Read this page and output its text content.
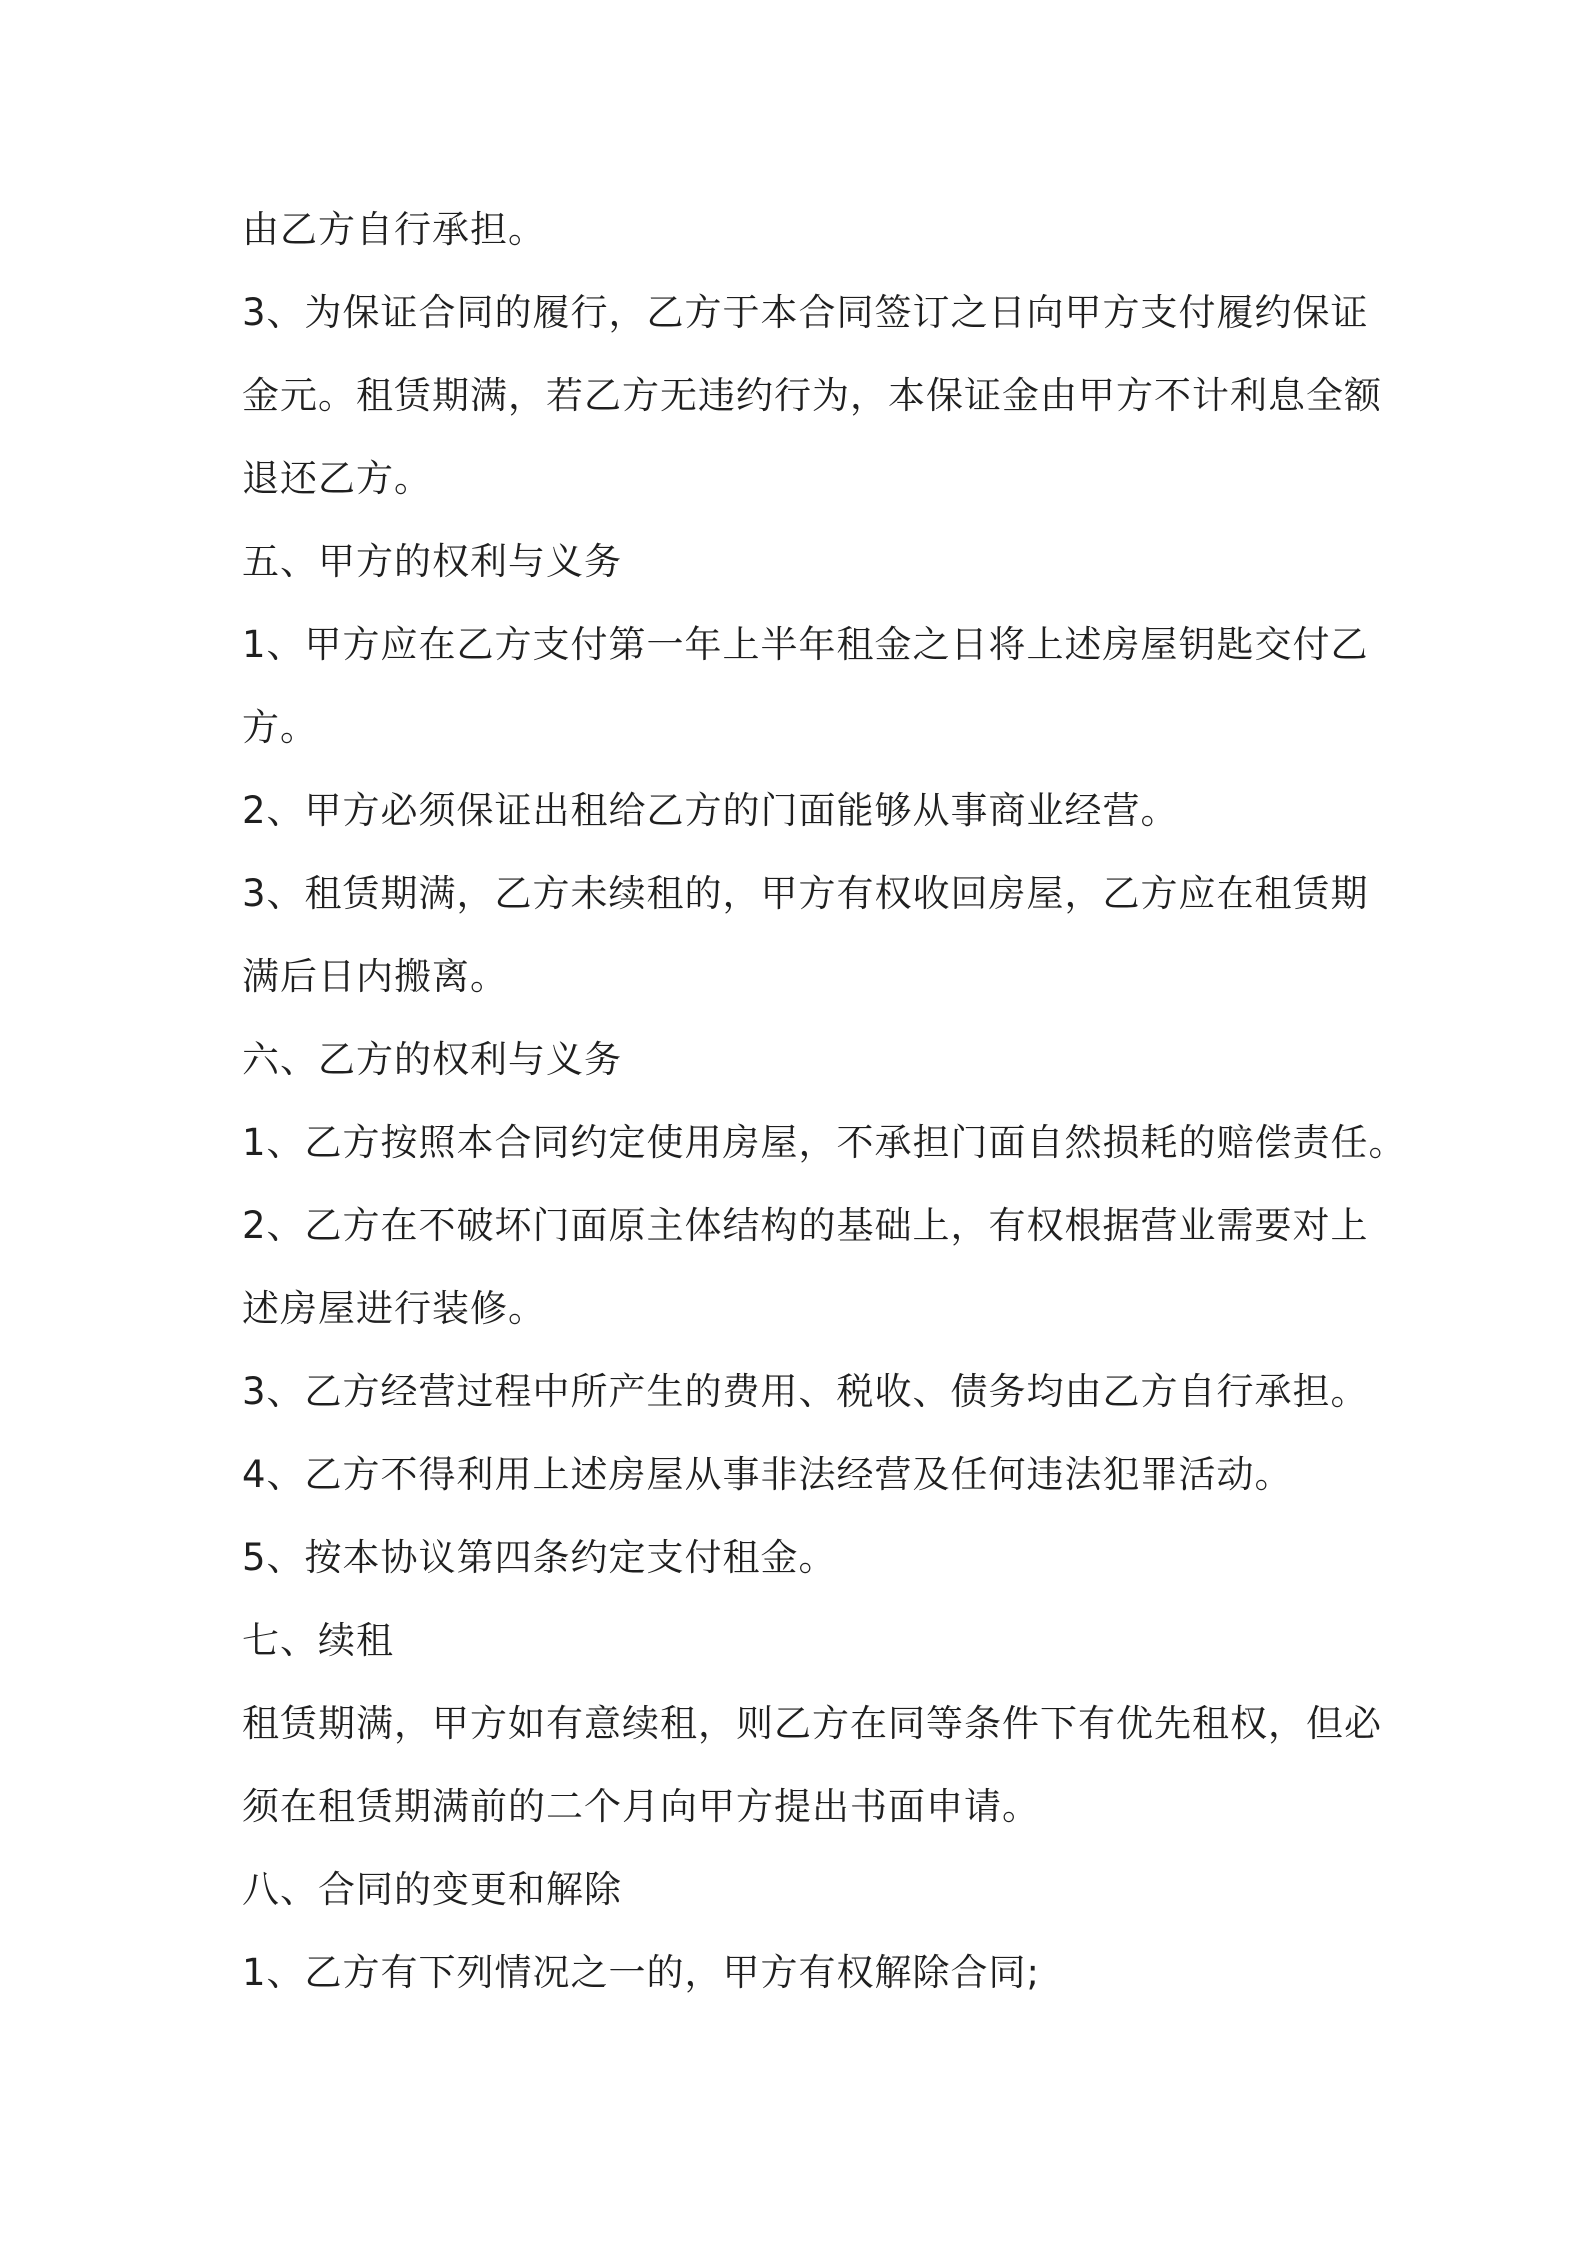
由乙方自行承担。

3、为保证合同的履行，乙方于本合同签订之日向甲方支付履约保证

金元。租赁期满，若乙方无违约行为，本保证金由甲方不计利息全额

退还乙方。

五、甲方的权利与义务

1、甲方应在乙方支付第一年上半年租金之日将上述房屋钥匙交付乙

方。

2、甲方必须保证出租给乙方的门面能够从事商业经营。

3、租赁期满，乙方未续租的，甲方有权收回房屋，乙方应在租赁期

满后日内搬离。

六、乙方的权利与义务

1、乙方按照本合同约定使用房屋，不承担门面自然损耗的赔偿责任。

2、乙方在不破坏门面原主体结构的基础上，有权根据营业需要对上

述房屋进行装修。

3、乙方经营过程中所产生的费用、税收、债务均由乙方自行承担。

4、乙方不得利用上述房屋从事非法经营及任何违法犯罪活动。

5、按本协议第四条约定支付租金。

七、续租

租赁期满，甲方如有意续租，则乙方在同等条件下有优先租权，但必

须在租赁期满前的二个月向甲方提出书面申请。

八、合同的变更和解除

1、乙方有下列情况之一的，甲方有权解除合同;
